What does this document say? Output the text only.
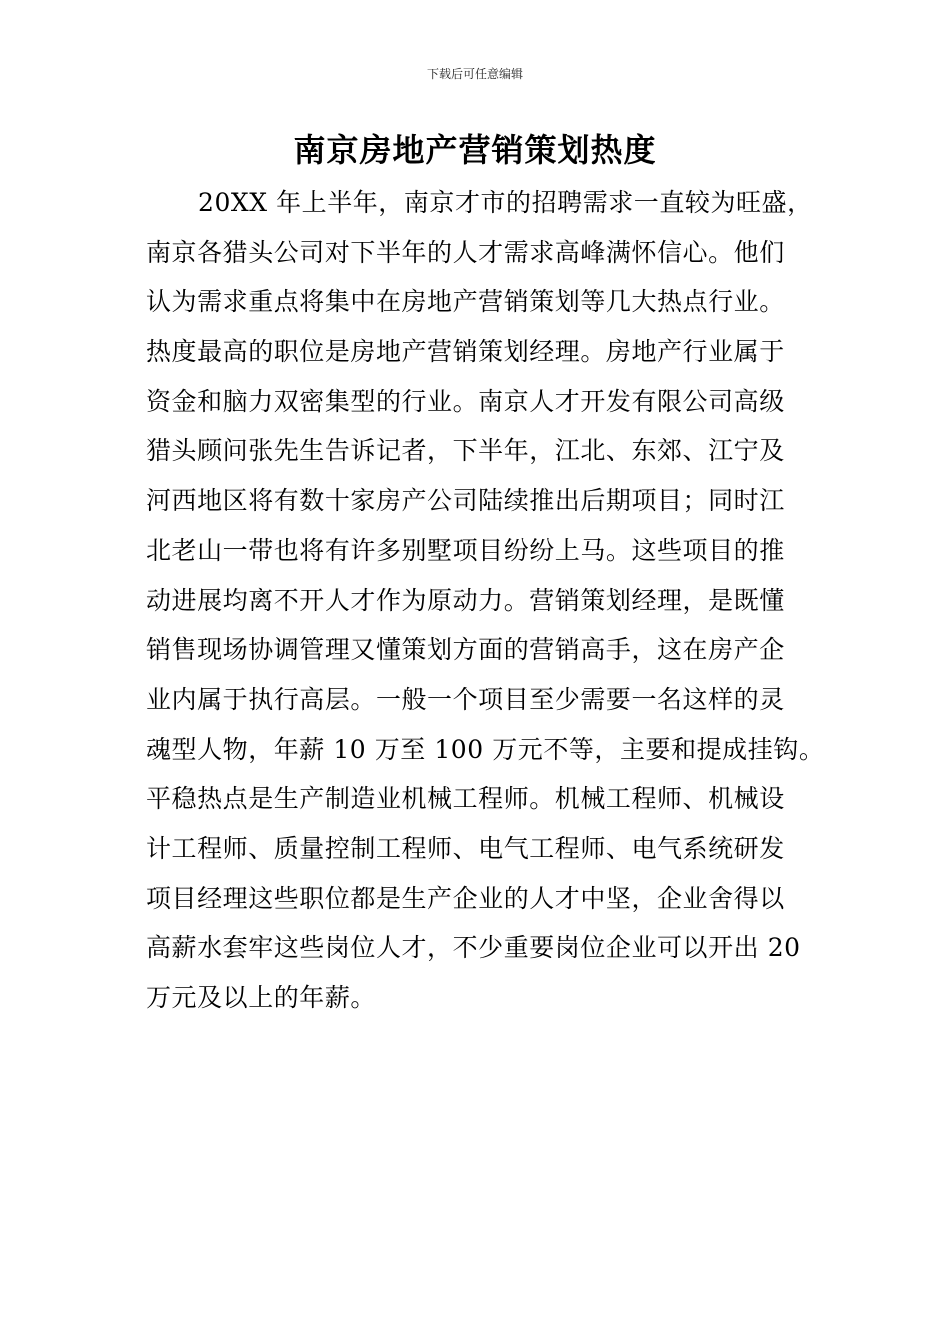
下载后可任意编辑
南京房地产营销策划热度
20XX 年上半年，南京才市的招聘需求一直较为旺盛，
南京各猎头公司对下半年的人才需求高峰满怀信心。他们
认为需求重点将集中在房地产营销策划等几大热点行业。
热度最高的职位是房地产营销策划经理。房地产行业属于
资金和脑力双密集型的行业。南京人才开发有限公司高级
猎头顾问张先生告诉记者，下半年，江北、东郊、江宁及
河西地区将有数十家房产公司陆续推出后期项目；同时江
北老山一带也将有许多别墅项目纷纷上马。这些项目的推
动进展均离不开人才作为原动力。营销策划经理，是既懂
销售现场协调管理又懂策划方面的营销高手，这在房产企
业内属于执行高层。一般一个项目至少需要一名这样的灵
魂型人物，年薪 10 万至 100 万元不等，主要和提成挂钩。
平稳热点是生产制造业机械工程师。机械工程师、机械设
计工程师、质量控制工程师、电气工程师、电气系统研发
项目经理这些职位都是生产企业的人才中坚，企业舍得以
高薪水套牢这些岗位人才，不少重要岗位企业可以开出 20
万元及以上的年薪。
